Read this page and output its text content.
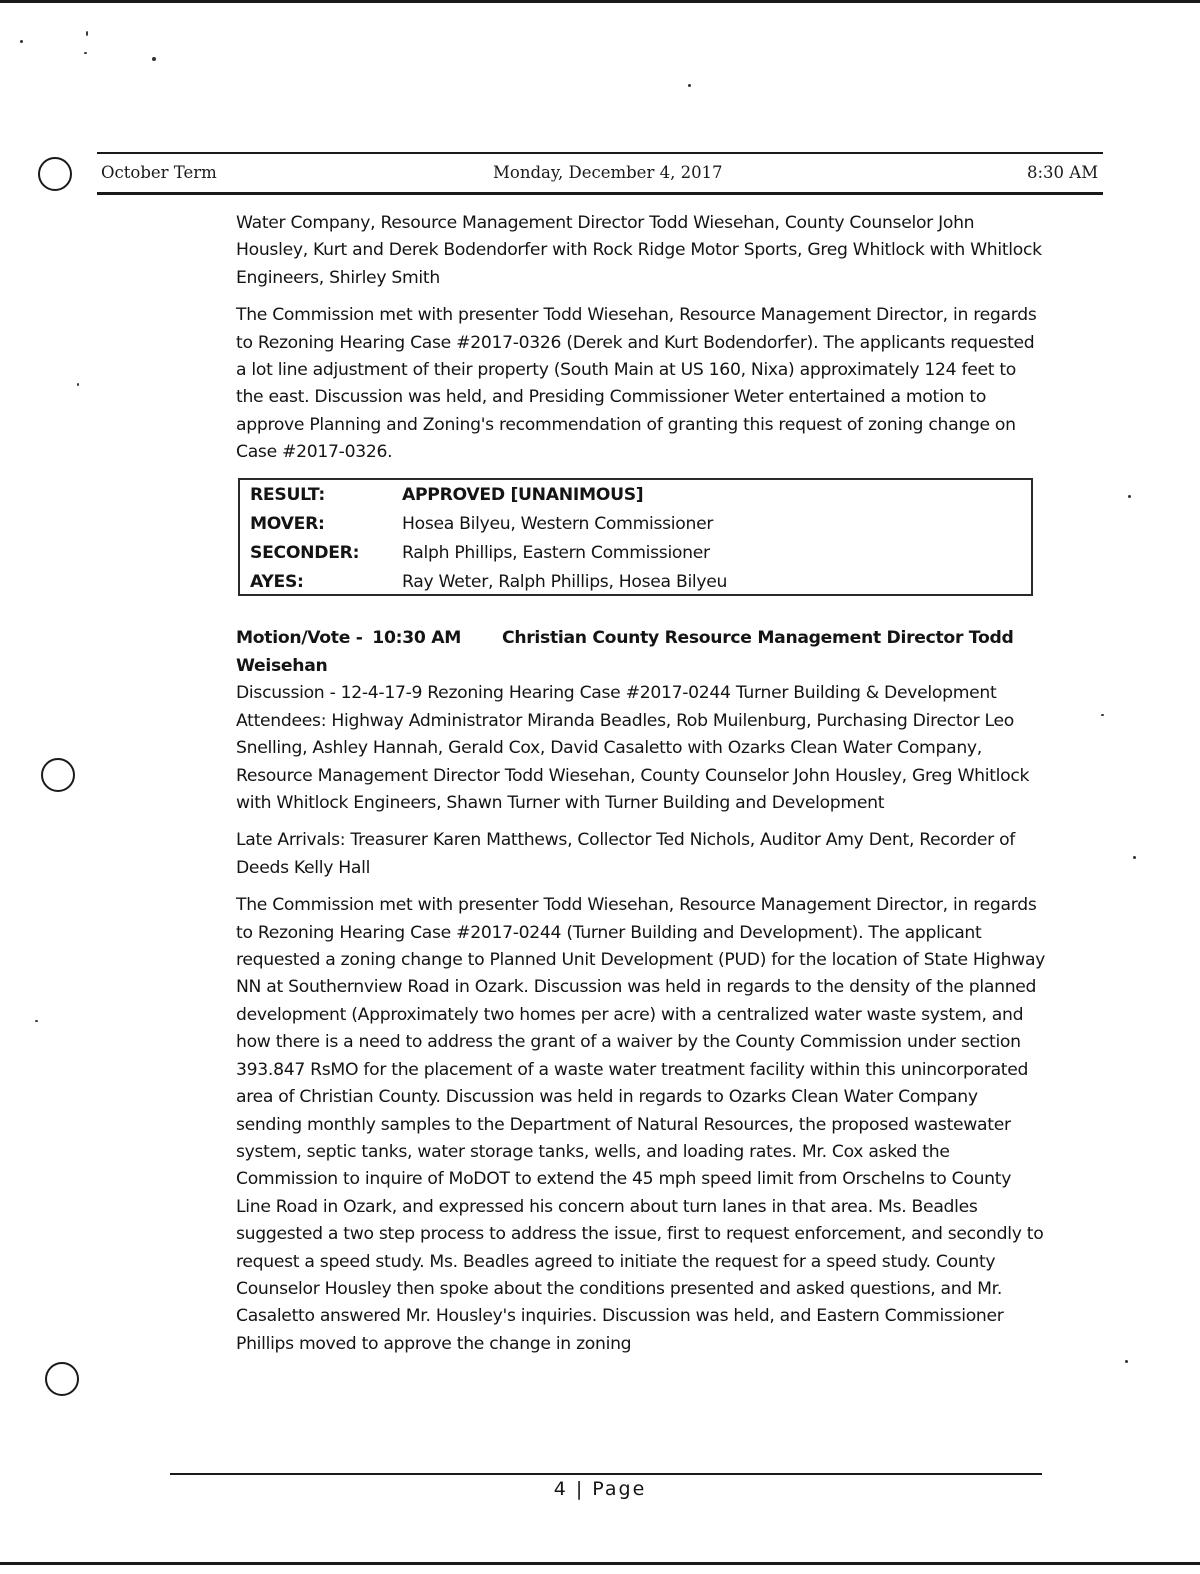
October Term	Monday, December 4, 2017	8:30 AM

Water Company, Resource Management Director Todd Wiesehan, County Counselor John Housley, Kurt and Derek Bodendorfer with Rock Ridge Motor Sports, Greg Whitlock with Whitlock Engineers, Shirley Smith

The Commission met with presenter Todd Wiesehan, Resource Management Director, in regards to Rezoning Hearing Case #2017-0326 (Derek and Kurt Bodendorfer). The applicants requested a lot line adjustment of their property (South Main at US 160, Nixa) approximately 124 feet to the east. Discussion was held, and Presiding Commissioner Weter entertained a motion to approve Planning and Zoning's recommendation of granting this request of zoning change on Case #2017-0326.

RESULT:	APPROVED [UNANIMOUS]
MOVER:	Hosea Bilyeu, Western Commissioner
SECONDER: Ralph Phillips, Eastern Commissioner
AYES:	Ray Weter, Ralph Phillips, Hosea Bilyeu
Motion/Vote - 10:30 AM Christian County Resource Management Director Todd

Weisehan

Discussion - 12-4-17-9 Rezoning Hearing Case #2017-0244 Turner Building & Development

Attendees: Highway Administrator Miranda Beadles, Rob Muilenburg, Purchasing Director Leo Snelling, Ashley Hannah, Gerald Cox, David Casaletto with Ozarks Clean Water Company, Resource Management Director Todd Wiesehan, County Counselor John Housley, Greg Whitlock with Whitlock Engineers, Shawn Turner with Turner Building and Development

Late Arrivals: Treasurer Karen Matthews, Collector Ted Nichols, Auditor Amy Dent, Recorder of Deeds Kelly Hall

The Commission met with presenter Todd Wiesehan, Resource Management Director, in regards to Rezoning Hearing Case #2017-0244 (Turner Building and Development). The applicant requested a zoning change to Planned Unit Development (PUD) for the location of State Highway NN at Southernview Road in Ozark. Discussion was held in regards to the density of the planned development (Approximately two homes per acre) with a centralized water waste system, and how there is a need to address the grant of a waiver by the County Commission under section 393.847 RsMO for the placement of a waste water treatment facility within this unincorporated area of Christian County. Discussion was held in regards to Ozarks Clean Water Company sending monthly samples to the Department of Natural Resources, the proposed wastewater system, septic tanks, water storage tanks, wells, and loading rates. Mr. Cox asked the Commission to inquire of MoDOT to extend the 45 mph speed limit from Orschelns to County Line Road in Ozark, and expressed his concern about turn lanes in that area. Ms. Beadles suggested a two step process to address the issue, first to request enforcement, and secondly to request a speed study. Ms. Beadles agreed to initiate the request for a speed study. County Counselor Housley then spoke about the conditions presented and asked questions, and Mr. Casaletto answered Mr. Housley's inquiries. Discussion was held, and Eastern Commissioner Phillips moved to approve the change in zoning

4 | Page
